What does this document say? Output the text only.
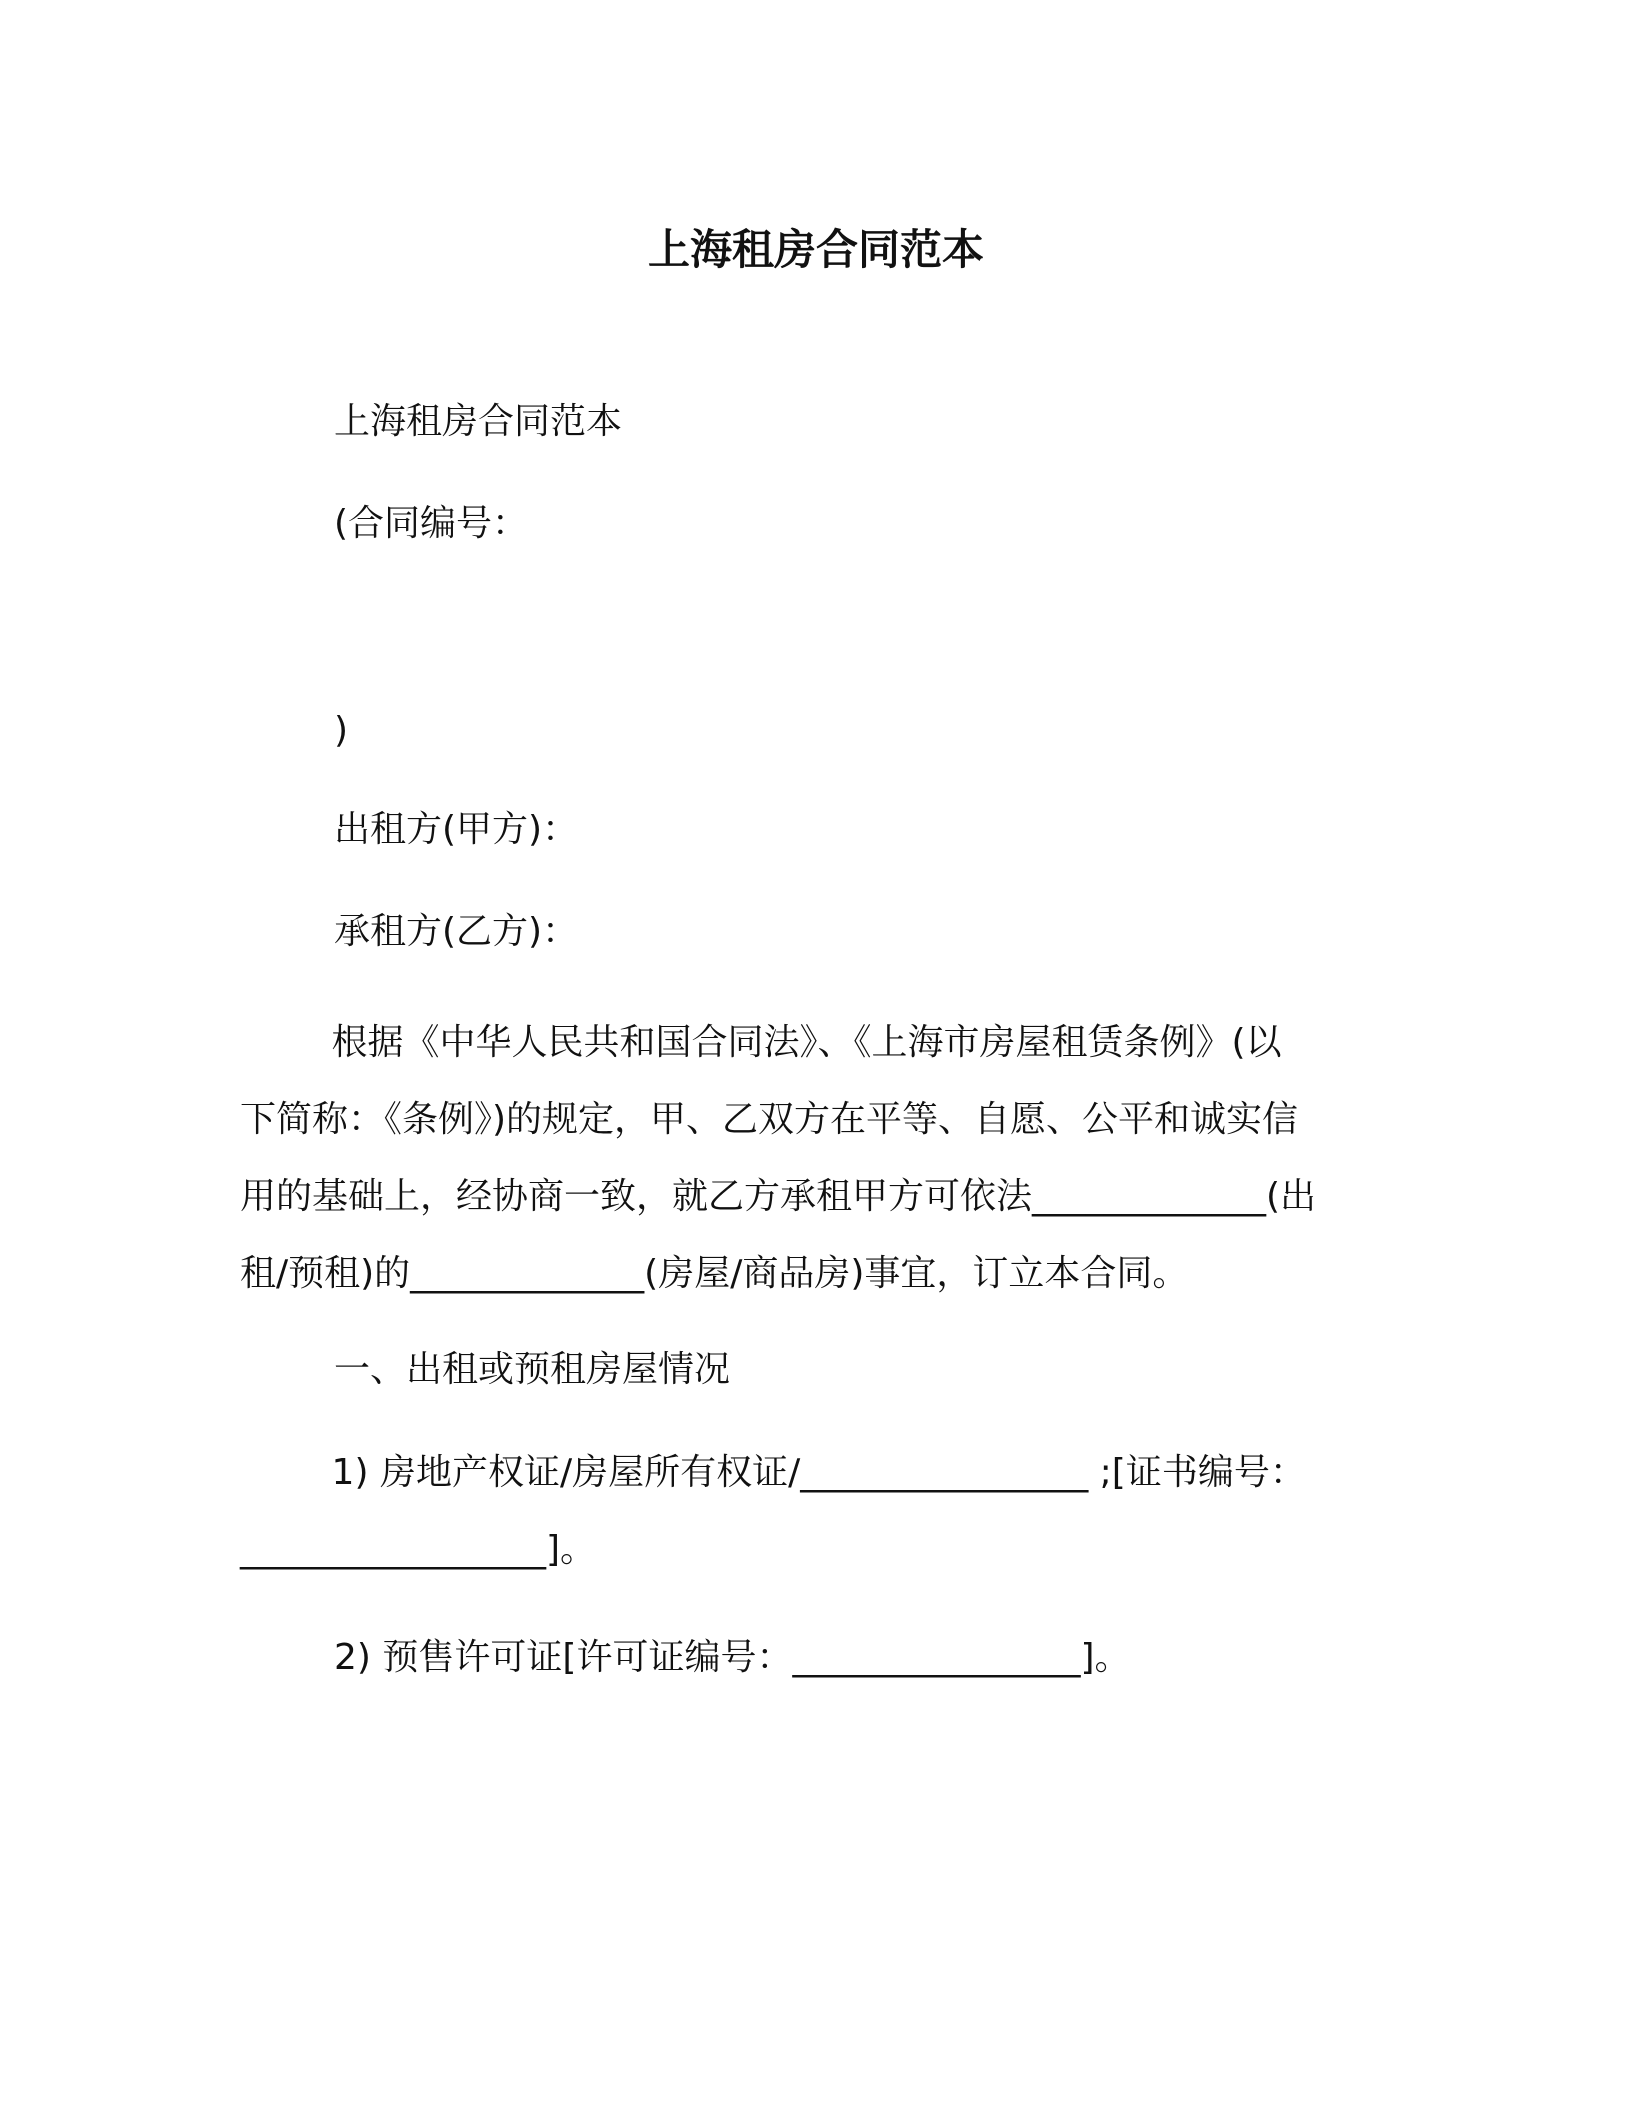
上海租房合同范本
上海租房合同范本
(合同编号：
)
出租方(甲方)：
承租方(乙方)：
根据《中华人民共和国合同法》、《上海市房屋租赁条例》(以
下简称：《条例》)的规定，甲、乙双方在平等、自愿、公平和诚实信
用的基础上，经协商一致，就乙方承租甲方可依法_____________(出
租/预租)的_____________(房屋/商品房)事宜，订立本合同。
一、出租或预租房屋情况
1) 房地产权证/房屋所有权证/________________ ;[证书编号：
_________________]。
2) 预售许可证[许可证编号：________________]。
